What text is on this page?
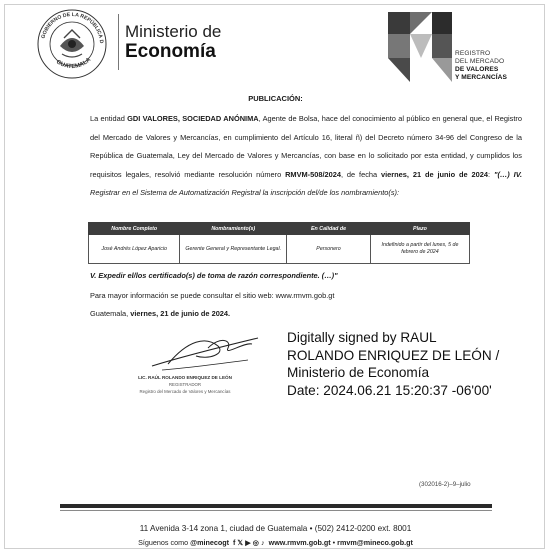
GOBIERNO DE LA REPÚBLICA D
GUATEMALA
Ministerio de
Economía	REGISTRO
DEL MERCADO
DE VALORES
Y MERCANCÍAS
PUBLICACIÓN:
La entidad GDI VALORES, SOCIEDAD ANÓNIMA, Agente de Bolsa, hace del conocimiento al público en general que, el Registro del Mercado de Valores y Mercancías, en cumplimiento del Artículo 16, literal ñ) del Decreto número 34-96 del Congreso de la República de Guatemala, Ley del Mercado de Valores y Mercancías, con base en lo solicitado por esta entidad, y cumplidos los requisitos legales, resolvió mediante resolución número RMVM-508/2024, de fecha viernes, 21 de junio de 2024: "(…) IV. Registrar en el Sistema de Automatización Registral la inscripción del/de los nombramiento(s):
Nombre Completo	Nombramiento(s)	En Calidad de	Plazo
José Andrés López Aparicio	Gerente General y Representante Legal.	Personero	Indefinido a partir del lunes, 5 de febrero de 2024
V. Expedir el/los certificado(s) de toma de razón correspondiente. (…)"
Para mayor información se puede consultar el sitio web: www.rmvm.gob.gt
Guatemala, viernes, 21 de junio de 2024.
LIC. RAÚL ROLANDO ENRIQUEZ DE LEÓN
REGISTRADOR
Registro del Mercado de Valores y Mercancías
Digitally signed by RAUL
ROLANDO ENRIQUEZ DE LEÓN /
Ministerio de Economía
Date: 2024.06.21 15:20:37 -06'00'
(302016-2)–9–julio
11 Avenida 3-14 zona 1, ciudad de Guatemala • (502) 2412-0200 ext. 8001
Síguenos como @minecogt f 𝕏 ▶ ◎ ♪ www.rmvm.gob.gt • rmvm@mineco.gob.gt
